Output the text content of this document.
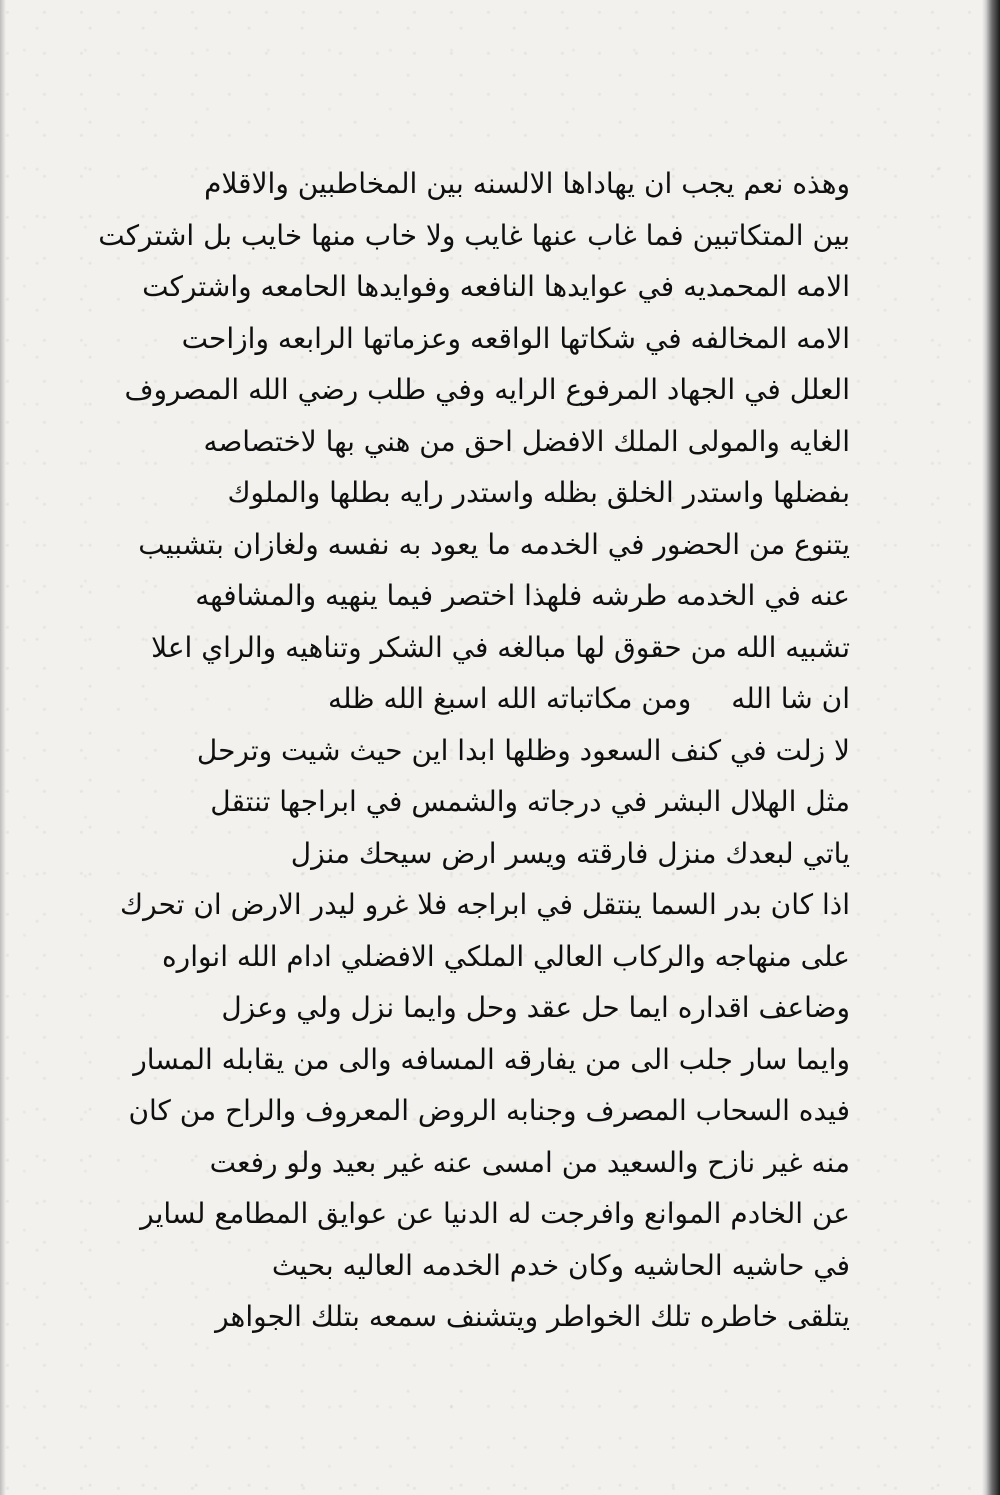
وهذه نعم يجب ان يهاداها الالسنه بين المخاطبين والاقلام
بين المتكاتبين فما غاب عنها غايب ولا خاب منها خايب بل اشتركت
الامه المحمديه في عوايدها النافعه وفوايدها الحامعه واشتركت
الامه المخالفه في شكاتها الواقعه وعزماتها الرابعه وازاحت
العلل في الجهاد المرفوع الرايه وفي طلب رضي الله المصروف
الغايه والمولى الملك الافضل احق من هني بها لاختصاصه
بفضلها واستدر الخلق بظله واستدر رايه بطلها والملوك
يتنوع من الحضور في الخدمه ما يعود به نفسه ولغازان بتشبيب
عنه في الخدمه طرشه فلهذا اختصر فيما ينهيه والمشافهه
تشبيه الله من حقوق لها مبالغه في الشكر وتناهيه والراي اعلا
ان شا اللهومن مكاتباته الله اسبغ الله ظله
لا زلت في كنف السعود وظلها ابدا اين حيث شيت وترحل
مثل الهلال البشر في درجاته والشمس في ابراجها تنتقل
ياتي لبعدك منزل فارقته ويسر ارض سيحك منزل
اذا كان بدر السما ينتقل في ابراجه فلا غرو ليدر الارض ان تحرك
على منهاجه والركاب العالي الملكي الافضلي ادام الله انواره
وضاعف اقداره ايما حل عقد وحل وايما نزل ولي وعزل
وايما سار جلب الى من يفارقه المسافه والى من يقابله المسار
فيده السحاب المصرف وجنابه الروض المعروف والراح من كان
منه غير نازح والسعيد من امسى عنه غير بعيد ولو رفعت
عن الخادم الموانع وافرجت له الدنيا عن عوايق المطامع لساير
في حاشيه الحاشيه وكان خدم الخدمه العاليه بحيث
يتلقى خاطره تلك الخواطر ويتشنف سمعه بتلك الجواهر
